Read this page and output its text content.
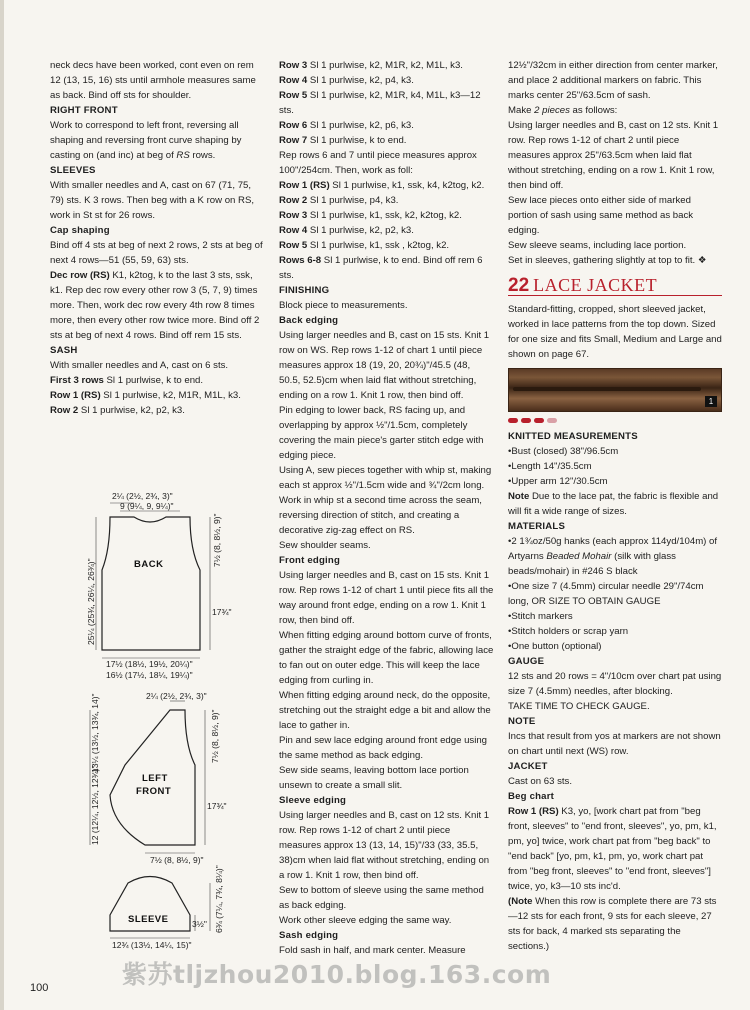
neck decs have been worked, cont even on rem 12 (13, 15, 16) sts until armhole measures same as back. Bind off sts for shoulder.

RIGHT FRONT

Work to correspond to left front, reversing all shaping and reversing front curve shaping by casting on (and inc) at beg of RS rows.

SLEEVES

With smaller needles and A, cast on 67 (71, 75, 79) sts. K 3 rows. Then beg with a K row on RS, work in St st for 26 rows.

Cap shaping

Bind off 4 sts at beg of next 2 rows, 2 sts at beg of next 4 rows—51 (55, 59, 63) sts.

Dec row (RS) K1, k2tog, k to the last 3 sts, ssk, k1. Rep dec row every other row 3 (5, 7, 9) times more. Then, work dec row every 4th row 8 times more, then every other row twice more. Bind off 2 sts at beg of next 4 rows. Bind off rem 15 sts.

SASH

With smaller needles and A, cast on 6 sts.

First 3 rows Sl 1 purlwise, k to end.

Row 1 (RS) Sl 1 purlwise, k2, M1R, M1L, k3.

Row 2 Sl 1 purlwise, k2, p2, k3.

2¼ (2½, 2¾, 3)"
9 (9¼, 9, 9¼)"
BACK
25¼ (25¾, 26¼, 26¾)"
7½ (8, 8½, 9)"
17¾"
17½ (18½, 19½, 20¼)"
16½ (17½, 18¼, 19¼)"
2¼ (2½, 2¾, 3)"
LEFT
FRONT
13¼ (13½, 13¾, 14)"
12 (12¼, 12½, 12¾)"
7½ (8, 8½, 9)"
17¾"
7½ (8, 8½, 9)"
SLEEVE	3½" 6¾ (7¼, 7¾, 8¼)"
12¾ (13½, 14¼, 15)"

Row 3 Sl 1 purlwise, k2, M1R, k2, M1L, k3.

Row 4 Sl 1 purlwise, k2, p4, k3.

Row 5 Sl 1 purlwise, k2, M1R, k4, M1L, k3—12 sts.

Row 6 Sl 1 purlwise, k2, p6, k3.

Row 7 Sl 1 purlwise, k to end.

Rep rows 6 and 7 until piece measures approx 100"/254cm. Then, work as foll:

Row 1 (RS) Sl 1 purlwise, k1, ssk, k4, k2tog, k2.

Row 2 Sl 1 purlwise, p4, k3.

Row 3 Sl 1 purlwise, k1, ssk, k2, k2tog, k2.

Row 4 Sl 1 purlwise, k2, p2, k3.

Row 5 Sl 1 purlwise, k1, ssk , k2tog, k2.

Rows 6-8 Sl 1 purlwise, k to end. Bind off rem 6 sts.

FINISHING

Block piece to measurements.

Back edging

Using larger needles and B, cast on 15 sts. Knit 1 row on WS. Rep rows 1-12 of chart 1 until piece measures approx 18 (19, 20, 20¾)"/45.5 (48, 50.5, 52.5)cm when laid flat without stretching, ending on a row 1. Knit 1 row, then bind off.

Pin edging to lower back, RS facing up, and overlapping by approx ½"/1.5cm, completely covering the main piece's garter stitch edge with edging piece.

Using A, sew pieces together with whip st, making each st approx ½"/1.5cm wide and ¾"/2cm long. Work in whip st a second time across the seam, reversing direction of stitch, and creating a decorative zig-zag effect on RS.

Sew shoulder seams.

Front edging

Using larger needles and B, cast on 15 sts. Knit 1 row. Rep rows 1-12 of chart 1 until piece fits all the way around front edge, ending on a row 1. Knit 1 row, then bind off.

When fitting edging around bottom curve of fronts, gather the straight edge of the fabric, allowing lace to fan out on outer edge. This will keep the lace edging from curling in.

When fitting edging around neck, do the opposite, stretching out the straight edge a bit and allow the lace to gather in.

Pin and sew lace edging around front edge using the same method as back edging.

Sew side seams, leaving bottom lace portion unsewn to create a small slit.

Sleeve edging

Using larger needles and B, cast on 12 sts. Knit 1 row. Rep rows 1-12 of chart 2 until piece measures approx 13 (13, 14, 15)"/33 (33, 35.5, 38)cm when laid flat without stretching, ending on a row 1. Knit 1 row, then bind off.

Sew to bottom of sleeve using the same method as back edging.

Work other sleeve edging the same way.

Sash edging

Fold sash in half, and mark center. Measure

12½"/32cm in either direction from center marker, and place 2 additional markers on fabric. This marks center 25"/63.5cm of sash.

Make 2 pieces as follows:

Using larger needles and B, cast on 12 sts. Knit 1 row. Rep rows 1-12 of chart 2 until piece measures approx 25"/63.5cm when laid flat without stretching, ending on a row 1. Knit 1 row, then bind off.

Sew lace pieces onto either side of marked portion of sash using same method as back edging.

Sew sleeve seams, including lace portion.

Set in sleeves, gathering slightly at top to fit. ❖

22 LACE JACKET

Standard-fitting, cropped, short sleeved jacket, worked in lace patterns from the top down. Sized for one size and fits Small, Medium and Large and shown on page 67.

1

KNITTED MEASUREMENTS

• Bust (closed) 38"/96.5cm

• Length 14"/35.5cm

• Upper arm 12"/30.5cm

Note Due to the lace pat, the fabric is flexible and will fit a wide range of sizes.

MATERIALS

• 2 1¾oz/50g hanks (each approx 114yd/104m) of Artyarns Beaded Mohair (silk with glass beads/mohair) in #246 S black

• One size 7 (4.5mm) circular needle 29"/74cm long, OR SIZE TO OBTAIN GAUGE

• Stitch markers

• Stitch holders or scrap yarn

• One button (optional)

GAUGE

12 sts and 20 rows = 4"/10cm over chart pat using size 7 (4.5mm) needles, after blocking.

TAKE TIME TO CHECK GAUGE.

NOTE

Incs that result from yos at markers are not shown on chart until next (WS) row.

JACKET

Cast on 63 sts.

Beg chart

Row 1 (RS) K3, yo, [work chart pat from "beg front, sleeves" to "end front, sleeves", yo, pm, k1, pm, yo] twice, work chart pat from "beg back" to "end back" [yo, pm, k1, pm, yo, work chart pat from "beg front, sleeves" to "end front, sleeves"] twice, yo, k3—10 sts inc'd.

(Note When this row is complete there are 73 sts—12 sts for each front, 9 sts for each sleeve, 27 sts for back, 4 marked sts separating the sections.)

紫苏tljzhou2010.blog.163.com
100
